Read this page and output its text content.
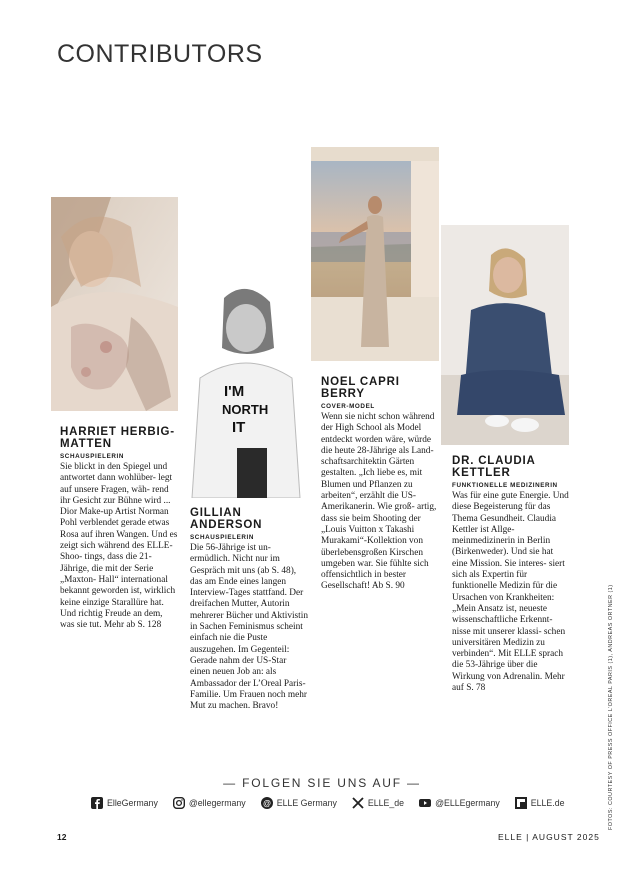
CONTRIBUTORS
I'M
NORTH
IT
HARRIET HERBIG-MATTEN
SCHAUSPIELERIN
Sie blickt in den Spiegel und antwortet dann wohlüber- legt auf unsere Fragen, wäh- rend ihr Gesicht zur Bühne wird ... Dior Make-up Artist Norman Pohl verblendet gerade etwas Rosa auf ihren Wangen. Und es zeigt sich während des ELLE-Shoo- tings, dass die 21-Jährige, die mit der Serie „Maxton- Hall“ international bekannt geworden ist, wirklich keine einzige Starallüre hat. Und richtig Freude an dem, was sie tut. Mehr ab S. 128
GILLIAN ANDERSON
SCHAUSPIELERIN
Die 56-Jährige ist un- ermüdlich. Nicht nur im Gespräch mit uns (ab S. 48), das am Ende eines langen Interview-Tages stattfand. Der dreifachen Mutter, Autorin mehrerer Bücher und Aktivistin in Sachen Feminismus scheint einfach nie die Puste auszugehen. Im Gegenteil: Gerade nahm der US-Star einen neuen Job an: als Ambassador der L’Oreal Paris-Familie. Um Frauen noch mehr Mut zu machen. Bravo!
NOEL CAPRI BERRY
COVER-MODEL
Wenn sie nicht schon während der High School als Model entdeckt worden wäre, würde die heute 28-Jährige als Land- schaftsarchitektin Gärten gestalten. „Ich liebe es, mit Blumen und Pflanzen zu arbeiten“, erzählt die US- Amerikanerin. Wie groß- artig, dass sie beim Shooting der „Louis Vuitton x Takashi Murakami“-Kollektion von überlebensgroßen Kirschen umgeben war. Sie fühlte sich offensichtlich in bester Gesellschaft! Ab S. 90
DR. CLAUDIA KETTLER
FUNKTIONELLE MEDIZINERIN
Was für eine gute Energie. Und diese Begeisterung für das Thema Gesundheit. Claudia Kettler ist Allge- meinmedizinerin in Berlin (Birkenweder). Und sie hat eine Mission. Sie interes- siert sich als Expertin für funktionelle Medizin für die Ursachen von Krankheiten: „Mein Ansatz ist, neueste wissenschaftliche Erkennt- nisse mit unserer klassi- schen universitären Medizin zu verbinden“. Mit ELLE sprach die 53-Jährige über die Wirkung von Adrenalin. Mehr auf S. 78
— FOLGEN SIE UNS AUF —
ElleGermany	@ellegermany @ ELLE Germany	ELLE_de	@ELLEgermany	ELLE.de
12	ELLE | AUGUST 2025
FOTOS: COURTESY OF PRESS OFFICE L’OREAL PARIS (1), ANDREAS ORTNER (1)
